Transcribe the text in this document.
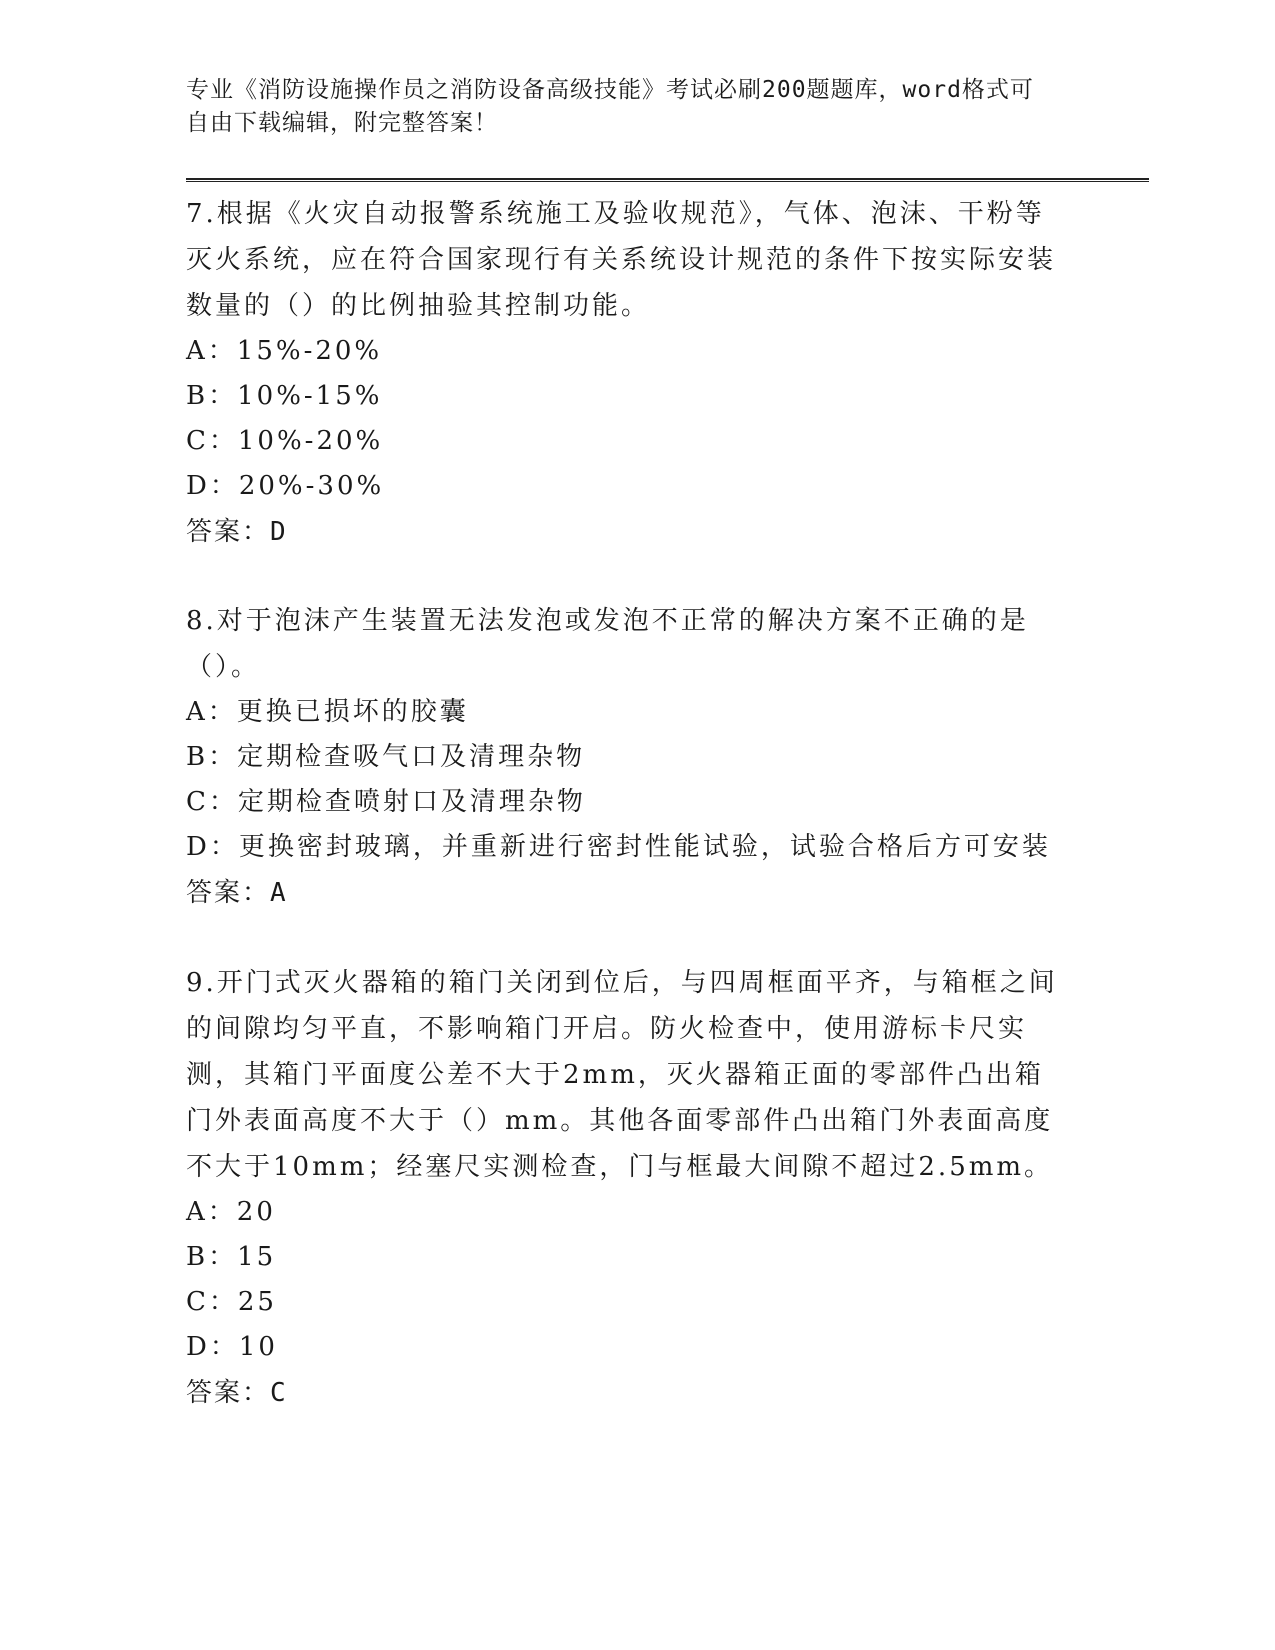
专业《消防设施操作员之消防设备高级技能》考试必刷200题题库，word格式可
自由下载编辑，附完整答案！

7.根据《火灾自动报警系统施工及验收规范》，气体、泡沫、干粉等灭火系统，应在符合国家现行有关系统设计规范的条件下按实际安装数量的（）的比例抽验其控制功能。

A：15%-20%

B：10%-15%

C：10%-20%

D：20%-30%

答案：D

8.对于泡沫产生装置无法发泡或发泡不正常的解决方案不正确的是（）。

A：更换已损坏的胶囊

B：定期检查吸气口及清理杂物

C：定期检查喷射口及清理杂物

D：更换密封玻璃，并重新进行密封性能试验，试验合格后方可安装

答案：A

9.开门式灭火器箱的箱门关闭到位后，与四周框面平齐，与箱框之间的间隙均匀平直，不影响箱门开启。防火检查中，使用游标卡尺实测，其箱门平面度公差不大于2mm，灭火器箱正面的零部件凸出箱门外表面高度不大于（）mm。其他各面零部件凸出箱门外表面高度不大于10mm；经塞尺实测检查，门与框最大间隙不超过2.5mm。

A：20

B：15

C：25

D：10

答案：C
